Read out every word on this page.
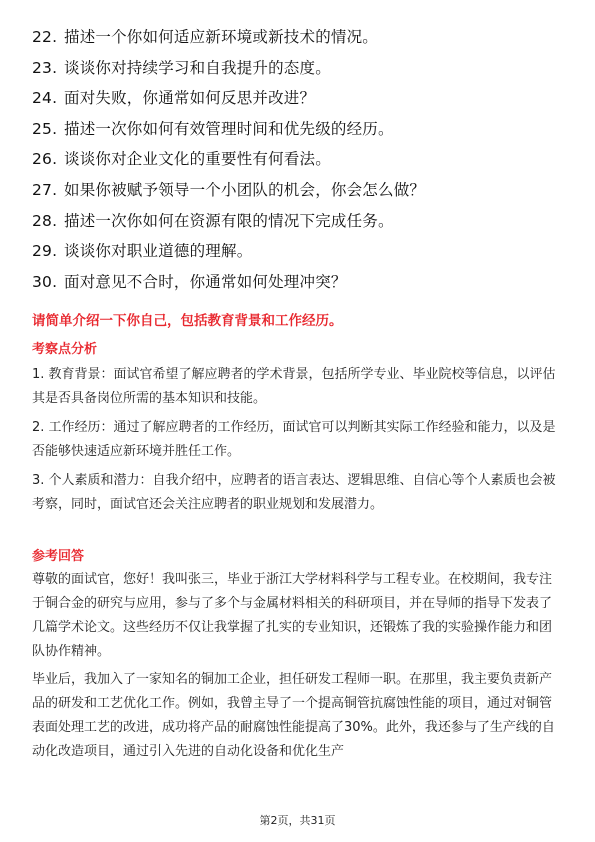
22. 描述一个你如何适应新环境或新技术的情况。
23. 谈谈你对持续学习和自我提升的态度。
24. 面对失败，你通常如何反思并改进？
25. 描述一次你如何有效管理时间和优先级的经历。
26. 谈谈你对企业文化的重要性有何看法。
27. 如果你被赋予领导一个小团队的机会，你会怎么做？
28. 描述一次你如何在资源有限的情况下完成任务。
29. 谈谈你对职业道德的理解。
30. 面对意见不合时，你通常如何处理冲突？
请简单介绍一下你自己，包括教育背景和工作经历。
考察点分析

1. 教育背景：面试官希望了解应聘者的学术背景，包括所学专业、毕业院校等信息，以评估其是否具备岗位所需的基本知识和技能。

2. 工作经历：通过了解应聘者的工作经历，面试官可以判断其实际工作经验和能力，以及是否能够快速适应新环境并胜任工作。

3. 个人素质和潜力：自我介绍中，应聘者的语言表达、逻辑思维、自信心等个人素质也会被考察，同时，面试官还会关注应聘者的职业规划和发展潜力。

参考回答

尊敬的面试官，您好！我叫张三，毕业于浙江大学材料科学与工程专业。在校期间，我专注于铜合金的研究与应用，参与了多个与金属材料相关的科研项目，并在导师的指导下发表了几篇学术论文。这些经历不仅让我掌握了扎实的专业知识，还锻炼了我的实验操作能力和团队协作精神。

毕业后，我加入了一家知名的铜加工企业，担任研发工程师一职。在那里，我主要负责新产品的研发和工艺优化工作。例如，我曾主导了一个提高铜管抗腐蚀性能的项目，通过对铜管表面处理工艺的改进，成功将产品的耐腐蚀性能提高了30%。此外，我还参与了生产线的自动化改造项目，通过引入先进的自动化设备和优化生产

第2页，共31页
